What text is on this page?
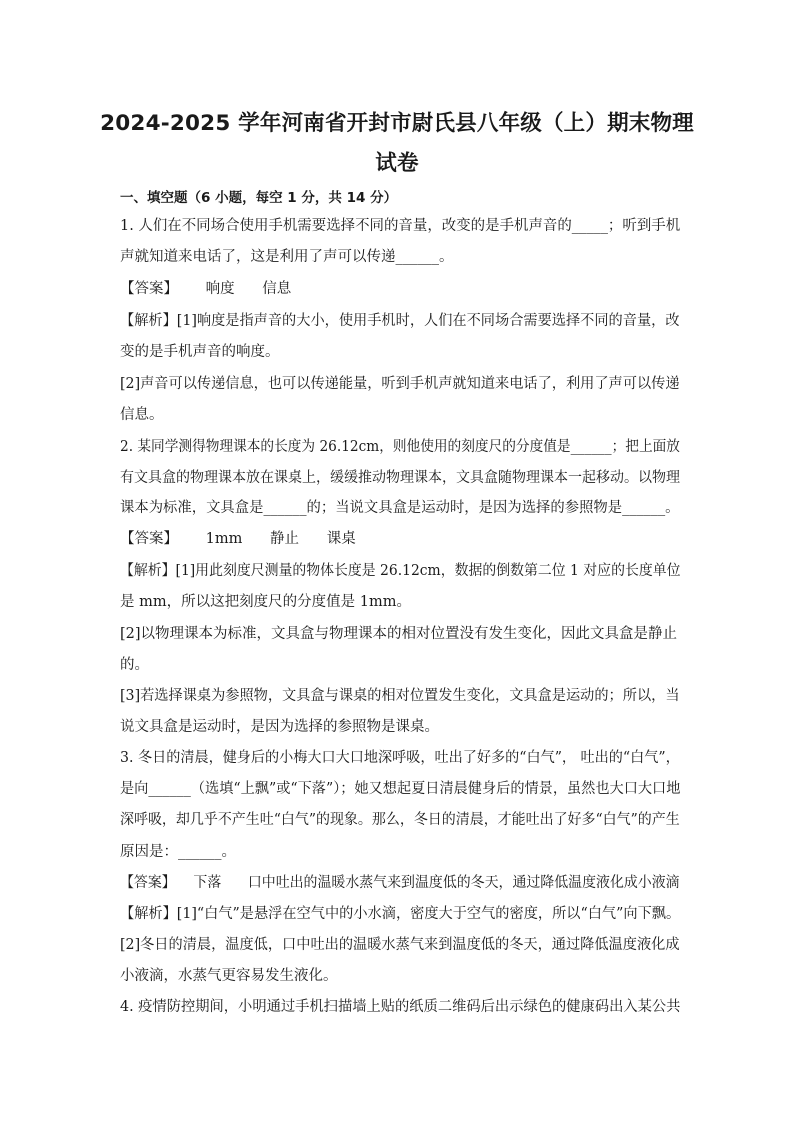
2024-2025 学年河南省开封市尉氏县八年级（上）期末物理
试卷
一、填空题（6 小题，每空 1 分，共 14 分）
1. 人们在不同场合使用手机需要选择不同的音量，改变的是手机声音的_____；听到手机
声就知道来电话了，这是利用了声可以传递______。
【答案】      响度      信息
【解析】[1]响度是指声音的大小，使用手机时，人们在不同场合需要选择不同的音量，改
变的是手机声音的响度。
[2]声音可以传递信息，也可以传递能量，听到手机声就知道来电话了，利用了声可以传递
信息。
2. 某同学测得物理课本的长度为 26.12cm，则他使用的刻度尺的分度值是______；把上面放
有文具盒的物理课本放在课桌上，缓缓推动物理课本，文具盒随物理课本一起移动。以物理
课本为标准，文具盒是______的；当说文具盒是运动时，是因为选择的参照物是______。
【答案】      1mm      静止      课桌
【解析】[1]用此刻度尺测量的物体长度是 26.12cm，数据的倒数第二位 1 对应的长度单位
是 mm，所以这把刻度尺的分度值是 1mm。
[2]以物理课本为标准，文具盒与物理课本的相对位置没有发生变化，因此文具盒是静止
的。
[3]若选择课桌为参照物，文具盒与课桌的相对位置发生变化，文具盒是运动的；所以，当
说文具盒是运动时，是因为选择的参照物是课桌。
3. 冬日的清晨，健身后的小梅大口大口地深呼吸，吐出了好多的“白气”， 吐出的“白气”，
是向______（选填“上飘”或“下落”）；她又想起夏日清晨健身后的情景，虽然也大口大口地
深呼吸，却几乎不产生吐“白气”的现象。那么，冬日的清晨，才能吐出了好多“白气”的产生
原因是：______。
【答案】    下落      口中吐出的温暖水蒸气来到温度低的冬天，通过降低温度液化成小液滴
【解析】[1]“白气”是悬浮在空气中的小水滴，密度大于空气的密度，所以“白气”向下飘。
[2]冬日的清晨，温度低，口中吐出的温暖水蒸气来到温度低的冬天，通过降低温度液化成
小液滴，水蒸气更容易发生液化。
4. 疫情防控期间，小明通过手机扫描墙上贴的纸质二维码后出示绿色的健康码出入某公共
